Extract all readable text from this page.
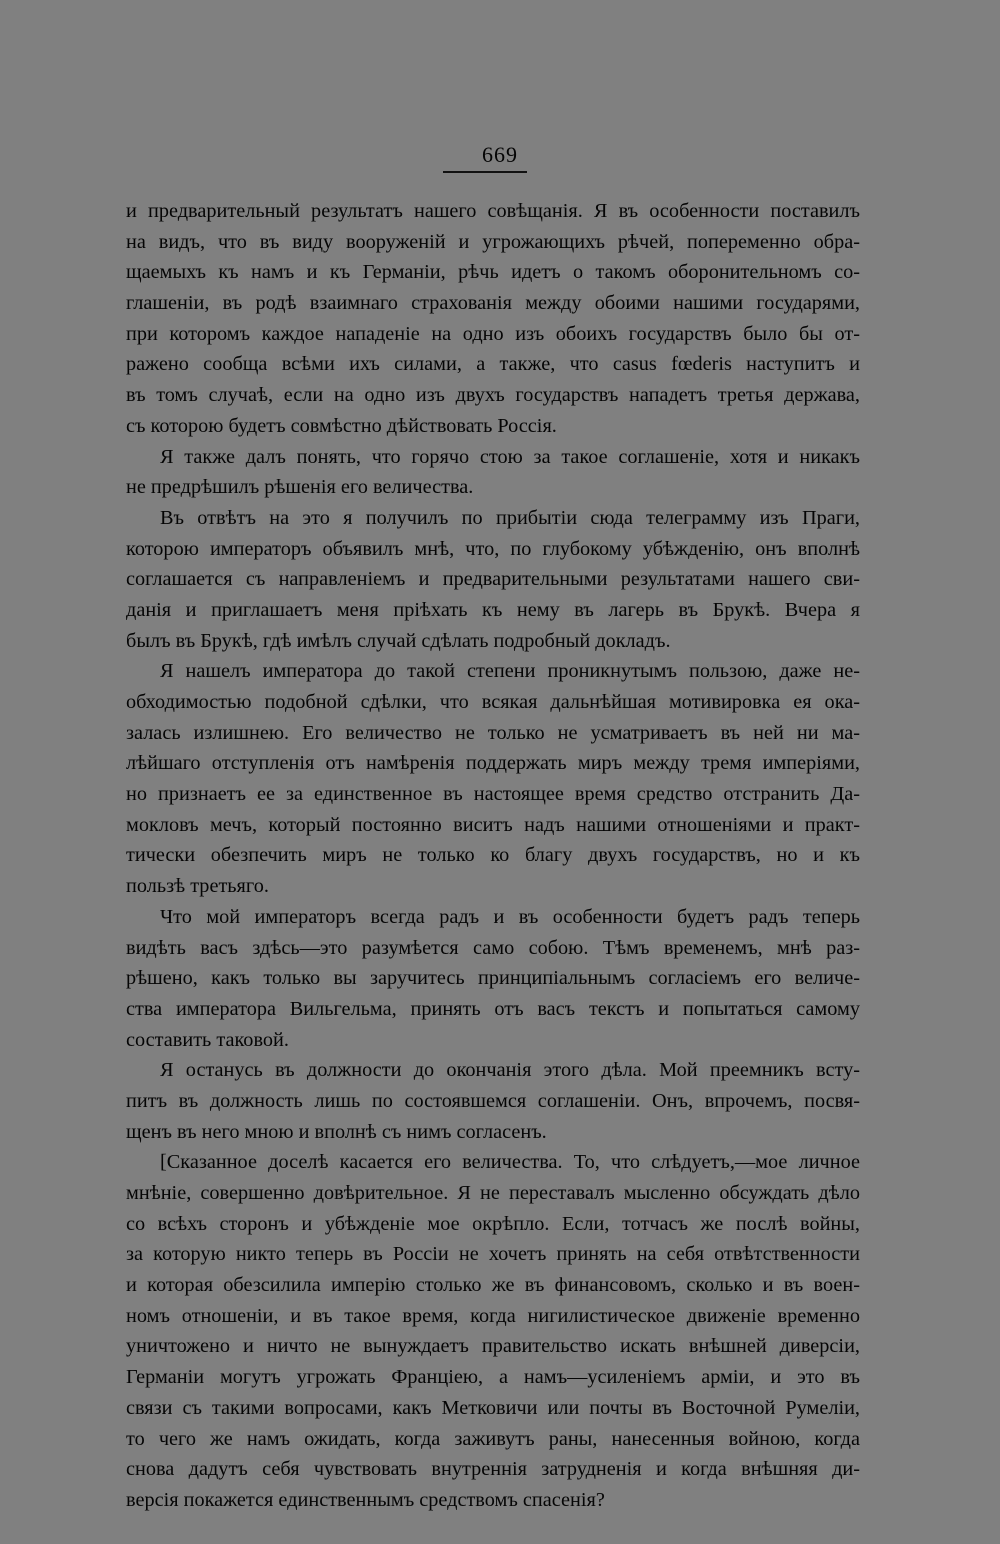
669
и предварительный результатъ нашего совѣщанія. Я въ особенности поставилъ
на видъ, что въ виду вооруженій и угрожающихъ рѣчей, попеременно обра-
щаемыхъ къ намъ и къ Германіи, рѣчь идетъ о такомъ оборонительномъ со-
глашеніи, въ родѣ взаимнаго страхованія между обоими нашими государями,
при которомъ каждое нападеніе на одно изъ обоихъ государствъ было бы от-
ражено сообща всѣми ихъ силами, а также, что casus fœderis наступитъ и
въ томъ случаѣ, если на одно изъ двухъ государствъ нападетъ третья держава,
съ которою будетъ совмѣстно дѣйствовать Россія.
Я также далъ понять, что горячо стою за такое соглашеніе, хотя и никакъ
не предрѣшилъ рѣшенія его величества.
Въ отвѣтъ на это я получилъ по прибытіи сюда телеграмму изъ Праги,
которою императоръ объявилъ мнѣ, что, по глубокому убѣжденію, онъ вполнѣ
соглашается съ направленіемъ и предварительными результатами нашего сви-
данія и приглашаетъ меня пріѣхать къ нему въ лагерь въ Брукѣ. Вчера я
былъ въ Брукѣ, гдѣ имѣлъ случай сдѣлать подробный докладъ.
Я нашелъ императора до такой степени проникнутымъ пользою, даже не-
обходимостью подобной сдѣлки, что всякая дальнѣйшая мотивировка ея ока-
залась излишнею. Его величество не только не усматриваетъ въ ней ни ма-
лѣйшаго отступленія отъ намѣренія поддержать миръ между тремя имперіями,
но признаетъ ее за единственное въ настоящее время средство отстранить Да-
мокловъ мечъ, который постоянно виситъ надъ нашими отношеніями и практ-
тически обезпечить миръ не только ко благу двухъ государствъ, но и къ
пользѣ третьяго.
Что мой императоръ всегда радъ и въ особенности будетъ радъ теперь
видѣть васъ здѣсь—это разумѣется само собою. Тѣмъ временемъ, мнѣ раз-
рѣшено, какъ только вы заручитесь принципіальнымъ согласіемъ его величе-
ства императора Вильгельма, принять отъ васъ текстъ и попытаться самому
составить таковой.
Я останусь въ должности до окончанія этого дѣла. Мой преемникъ всту-
питъ въ должность лишь по состоявшемся соглашеніи. Онъ, впрочемъ, посвя-
щенъ въ него мною и вполнѣ съ нимъ согласенъ.
[Сказанное доселѣ касается его величества. То, что слѣдуетъ,—мое личное
мнѣніе, совершенно довѣрительное. Я не переставалъ мысленно обсуждать дѣло
со всѣхъ сторонъ и убѣжденіе мое окрѣпло. Если, тотчасъ же послѣ войны,
за которую никто теперь въ Россіи не хочетъ принять на себя отвѣтственности
и которая обезсилила имперію столько же въ финансовомъ, сколько и въ воен-
номъ отношеніи, и въ такое время, когда нигилистическое движеніе временно
уничтожено и ничто не вынуждаетъ правительство искать внѣшней диверсіи,
Германіи могутъ угрожать Франціею, а намъ—усиленіемъ арміи, и это въ
связи съ такими вопросами, какъ Метковичи или почты въ Восточной Румеліи,
то чего же намъ ожидать, когда заживутъ раны, нанесенныя войною, когда
снова дадутъ себя чувствовать внутреннія затрудненія и когда внѣшняя ди-
версія покажется единственнымъ средствомъ спасенія?
